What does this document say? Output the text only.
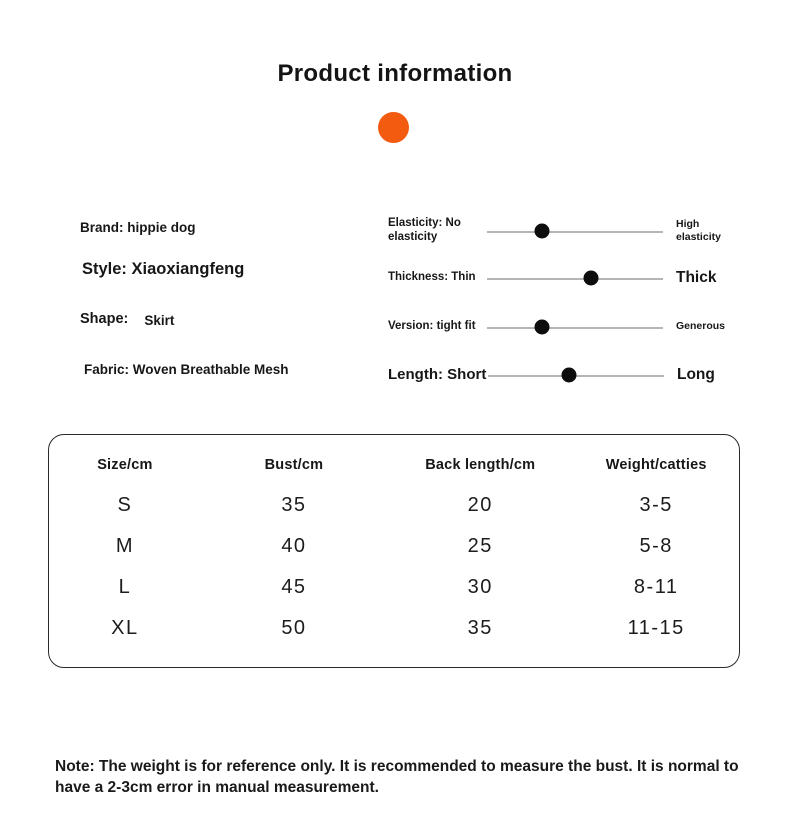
Product information
Brand: hippie dog
Style: Xiaoxiangfeng
Shape: Skirt
Fabric: Woven Breathable Mesh
Elasticity: No elasticity
High elasticity
Thickness: Thin	Thick
Version: tight fit	Generous
Length: Short	Long
Size/cm	Bust/cm	Back length/cm	Weight/catties
S	35	20	3-5
M	40	25	5-8
L	45	30	8-11
XL	50	35	11-15

Note: The weight is for reference only. It is recommended to measure the bust. It is normal to have a 2-3cm error in manual measurement.
